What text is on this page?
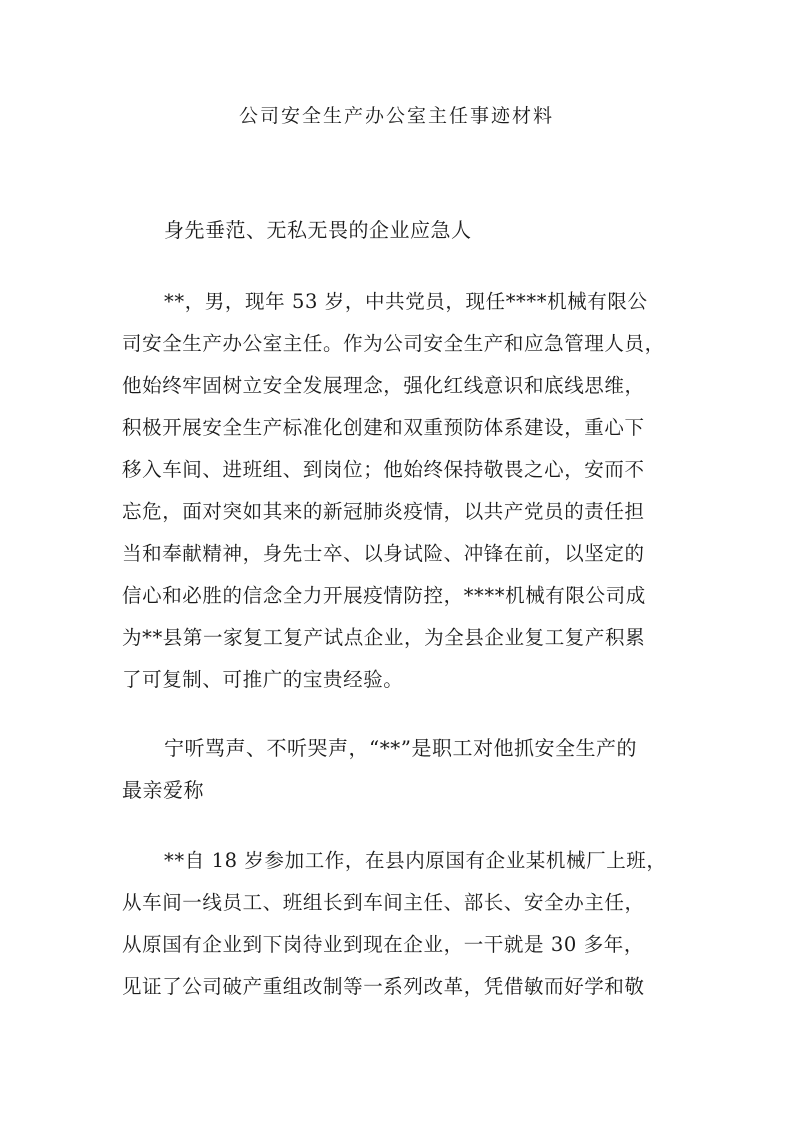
公司安全生产办公室主任事迹材料
身先垂范、无私无畏的企业应急人
**，男，现年 53 岁，中共党员，现任****机械有限公
司安全生产办公室主任。作为公司安全生产和应急管理人员，
他始终牢固树立安全发展理念，强化红线意识和底线思维，
积极开展安全生产标准化创建和双重预防体系建设，重心下
移入车间、进班组、到岗位；他始终保持敬畏之心，安而不
忘危，面对突如其来的新冠肺炎疫情，以共产党员的责任担
当和奉献精神，身先士卒、以身试险、冲锋在前，以坚定的
信心和必胜的信念全力开展疫情防控，****机械有限公司成
为**县第一家复工复产试点企业，为全县企业复工复产积累
了可复制、可推广的宝贵经验。
宁听骂声、不听哭声，“**”是职工对他抓安全生产的
最亲爱称
**自 18 岁参加工作，在县内原国有企业某机械厂上班，
从车间一线员工、班组长到车间主任、部长、安全办主任，
从原国有企业到下岗待业到现在企业，一干就是 30 多年，
见证了公司破产重组改制等一系列改革，凭借敏而好学和敬
